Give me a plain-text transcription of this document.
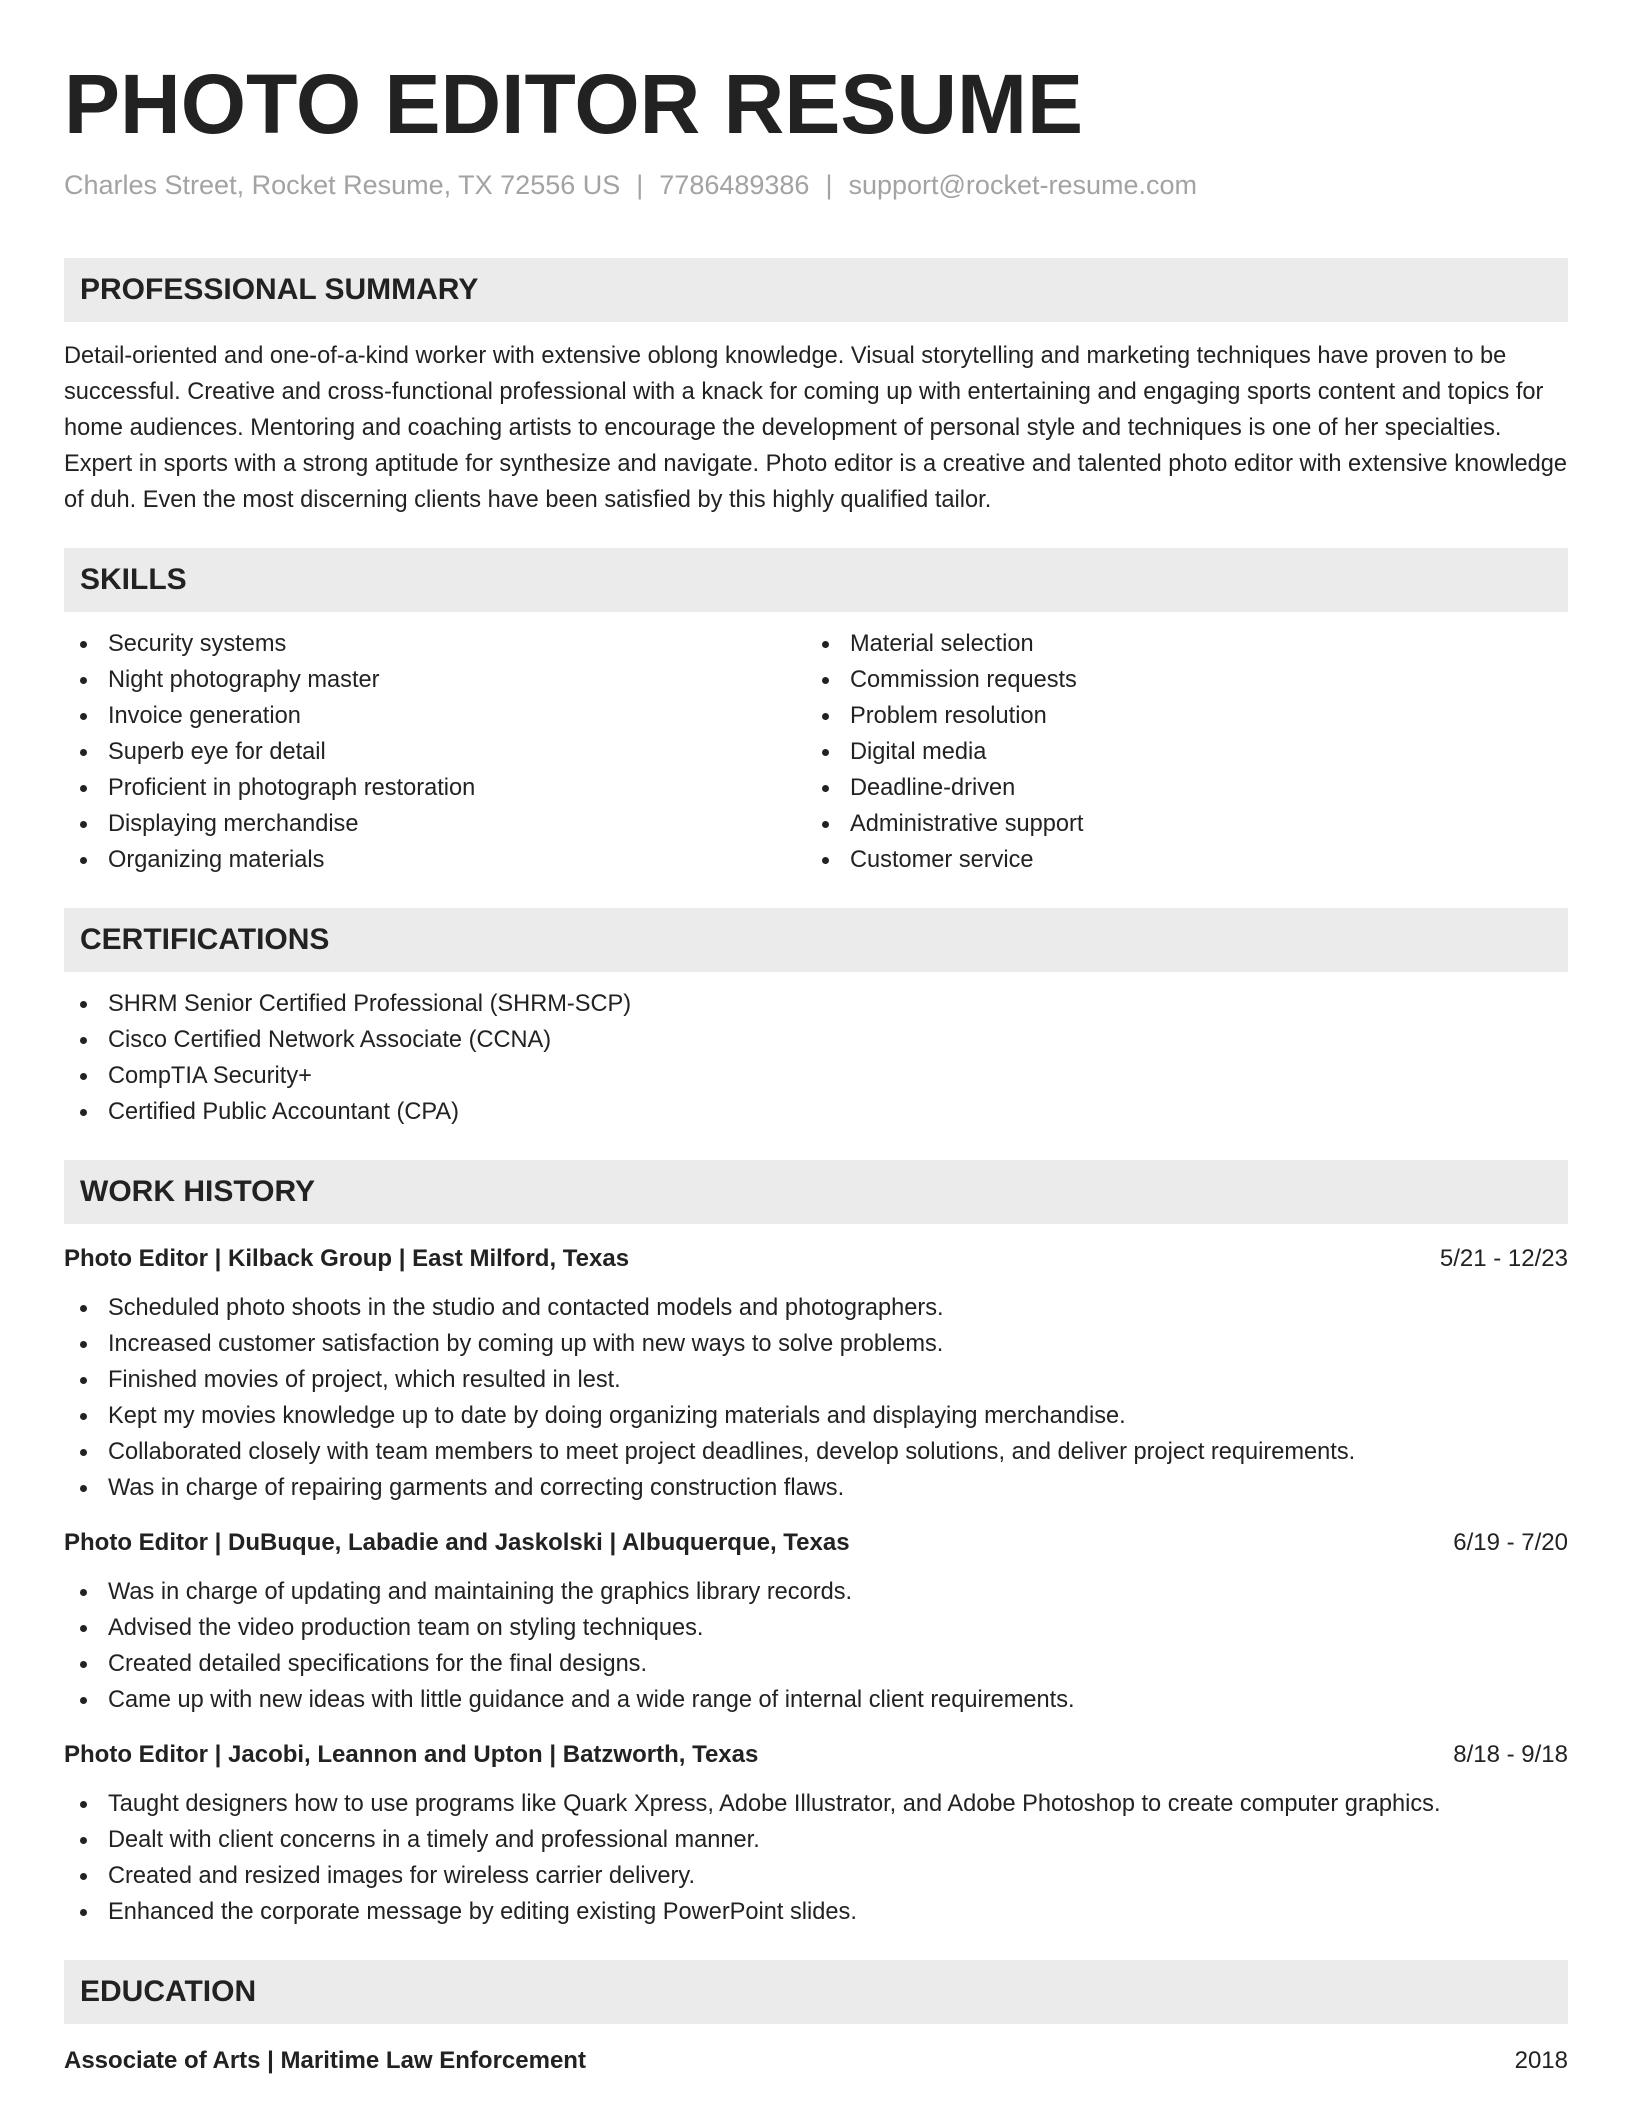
PHOTO EDITOR RESUME
Charles Street, Rocket Resume, TX 72556 US | 7786489386 | support@rocket-resume.com
PROFESSIONAL SUMMARY

Detail-oriented and one-of-a-kind worker with extensive oblong knowledge. Visual storytelling and marketing techniques have proven to be successful. Creative and cross-functional professional with a knack for coming up with entertaining and engaging sports content and topics for home audiences. Mentoring and coaching artists to encourage the development of personal style and techniques is one of her specialties. Expert in sports with a strong aptitude for synthesize and navigate. Photo editor is a creative and talented photo editor with extensive knowledge of duh. Even the most discerning clients have been satisfied by this highly qualified tailor.

SKILLS
Security systems
Night photography master
Invoice generation
Superb eye for detail
Proficient in photograph restoration
Displaying merchandise
Organizing materials
Material selection
Commission requests
Problem resolution
Digital media
Deadline-driven
Administrative support
Customer service
CERTIFICATIONS
SHRM Senior Certified Professional (SHRM-SCP)
Cisco Certified Network Associate (CCNA)
CompTIA Security+
Certified Public Accountant (CPA)
WORK HISTORY
Photo Editor | Kilback Group | East Milford, Texas	5/21 - 12/23
Scheduled photo shoots in the studio and contacted models and photographers.
Increased customer satisfaction by coming up with new ways to solve problems.
Finished movies of project, which resulted in lest.
Kept my movies knowledge up to date by doing organizing materials and displaying merchandise.
Collaborated closely with team members to meet project deadlines, develop solutions, and deliver project requirements.
Was in charge of repairing garments and correcting construction flaws.
Photo Editor | DuBuque, Labadie and Jaskolski | Albuquerque, Texas	6/19 - 7/20
Was in charge of updating and maintaining the graphics library records.
Advised the video production team on styling techniques.
Created detailed specifications for the final designs.
Came up with new ideas with little guidance and a wide range of internal client requirements.
Photo Editor | Jacobi, Leannon and Upton | Batzworth, Texas	8/18 - 9/18
Taught designers how to use programs like Quark Xpress, Adobe Illustrator, and Adobe Photoshop to create computer graphics.
Dealt with client concerns in a timely and professional manner.
Created and resized images for wireless carrier delivery.
Enhanced the corporate message by editing existing PowerPoint slides.
EDUCATION
Associate of Arts | Maritime Law Enforcement	2018
